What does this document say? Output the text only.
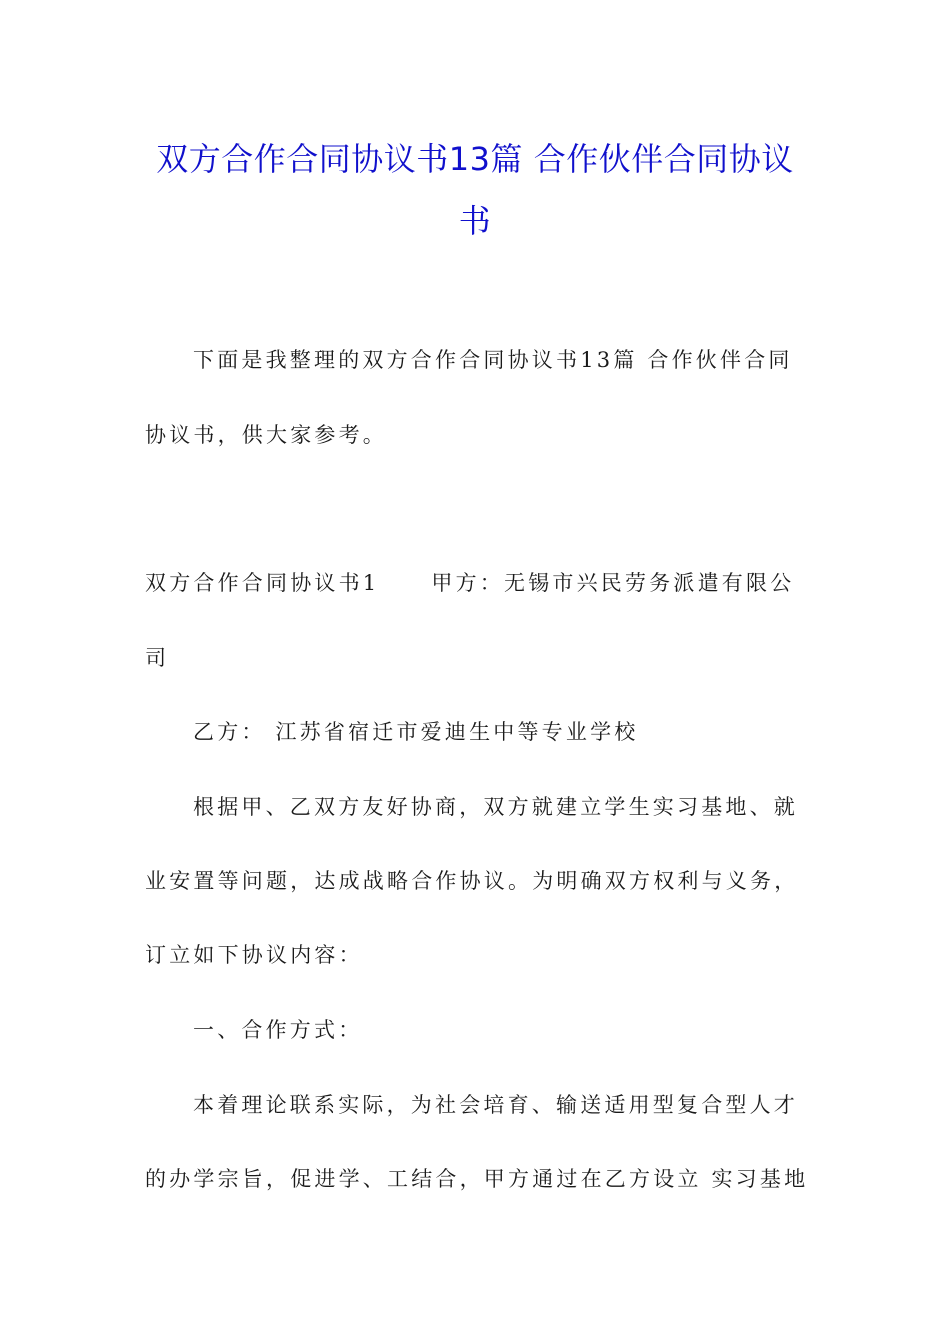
双方合作合同协议书13篇 合作伙伴合同协议书
下面是我整理的双方合作合同协议书13篇 合作伙伴合同
协议书，供大家参考。
双方合作合同协议书1 甲方：无锡市兴民劳务派遣有限公
司
乙方： 江苏省宿迁市爱迪生中等专业学校
根据甲、乙双方友好协商，双方就建立学生实习基地、就
业安置等问题，达成战略合作协议。为明确双方权利与义务，
订立如下协议内容：
一、合作方式：
本着理论联系实际，为社会培育、输送适用型复合型人才
的办学宗旨，促进学、工结合，甲方通过在乙方设立 实习基地
